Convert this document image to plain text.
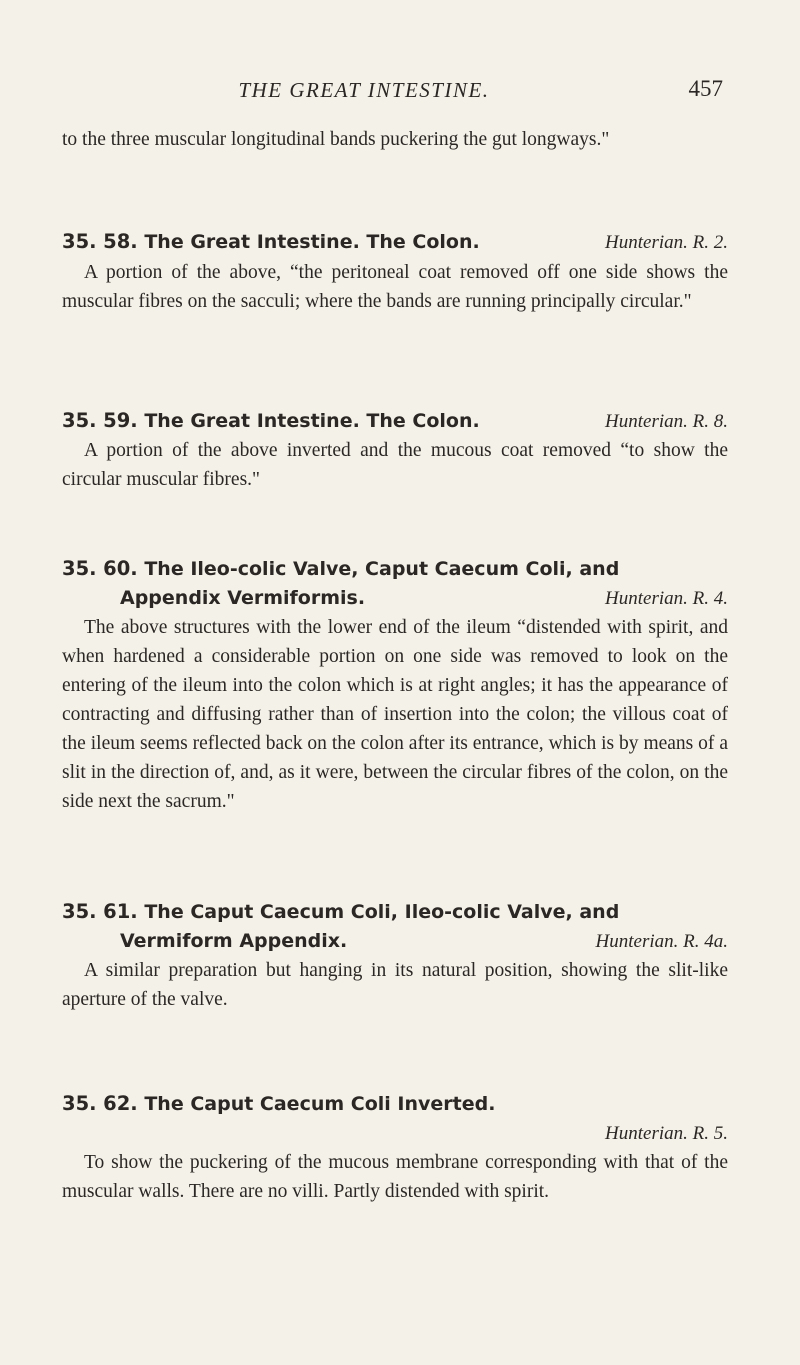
THE GREAT INTESTINE.	457
to the three muscular longitudinal bands puckering the gut longways."
35. 58. The Great Intestine. The Colon.	Hunterian. R. 2.

A portion of the above, “the peritoneal coat removed off one side shows the muscular fibres on the sacculi; where the bands are running principally circular."

35. 59. The Great Intestine. The Colon.	Hunterian. R. 8.

A portion of the above inverted and the mucous coat removed “to show the circular muscular fibres."

35. 60. The Ileo-colic Valve, Caput Caecum Coli, and
Appendix Vermiformis.	Hunterian. R. 4.

The above structures with the lower end of the ileum “distended with spirit, and when hardened a considerable portion on one side was removed to look on the entering of the ileum into the colon which is at right angles; it has the appearance of contracting and diffusing rather than of insertion into the colon; the villous coat of the ileum seems reflected back on the colon after its entrance, which is by means of a slit in the direction of, and, as it were, between the circular fibres of the colon, on the side next the sacrum."

35. 61. The Caput Caecum Coli, Ileo-colic Valve, and
Vermiform Appendix.	Hunterian. R. 4a.

A similar preparation but hanging in its natural position, showing the slit-like aperture of the valve.

35. 62. The Caput Caecum Coli Inverted.
Hunterian. R. 5.

To show the puckering of the mucous membrane corresponding with that of the muscular walls. There are no villi. Partly distended with spirit.
